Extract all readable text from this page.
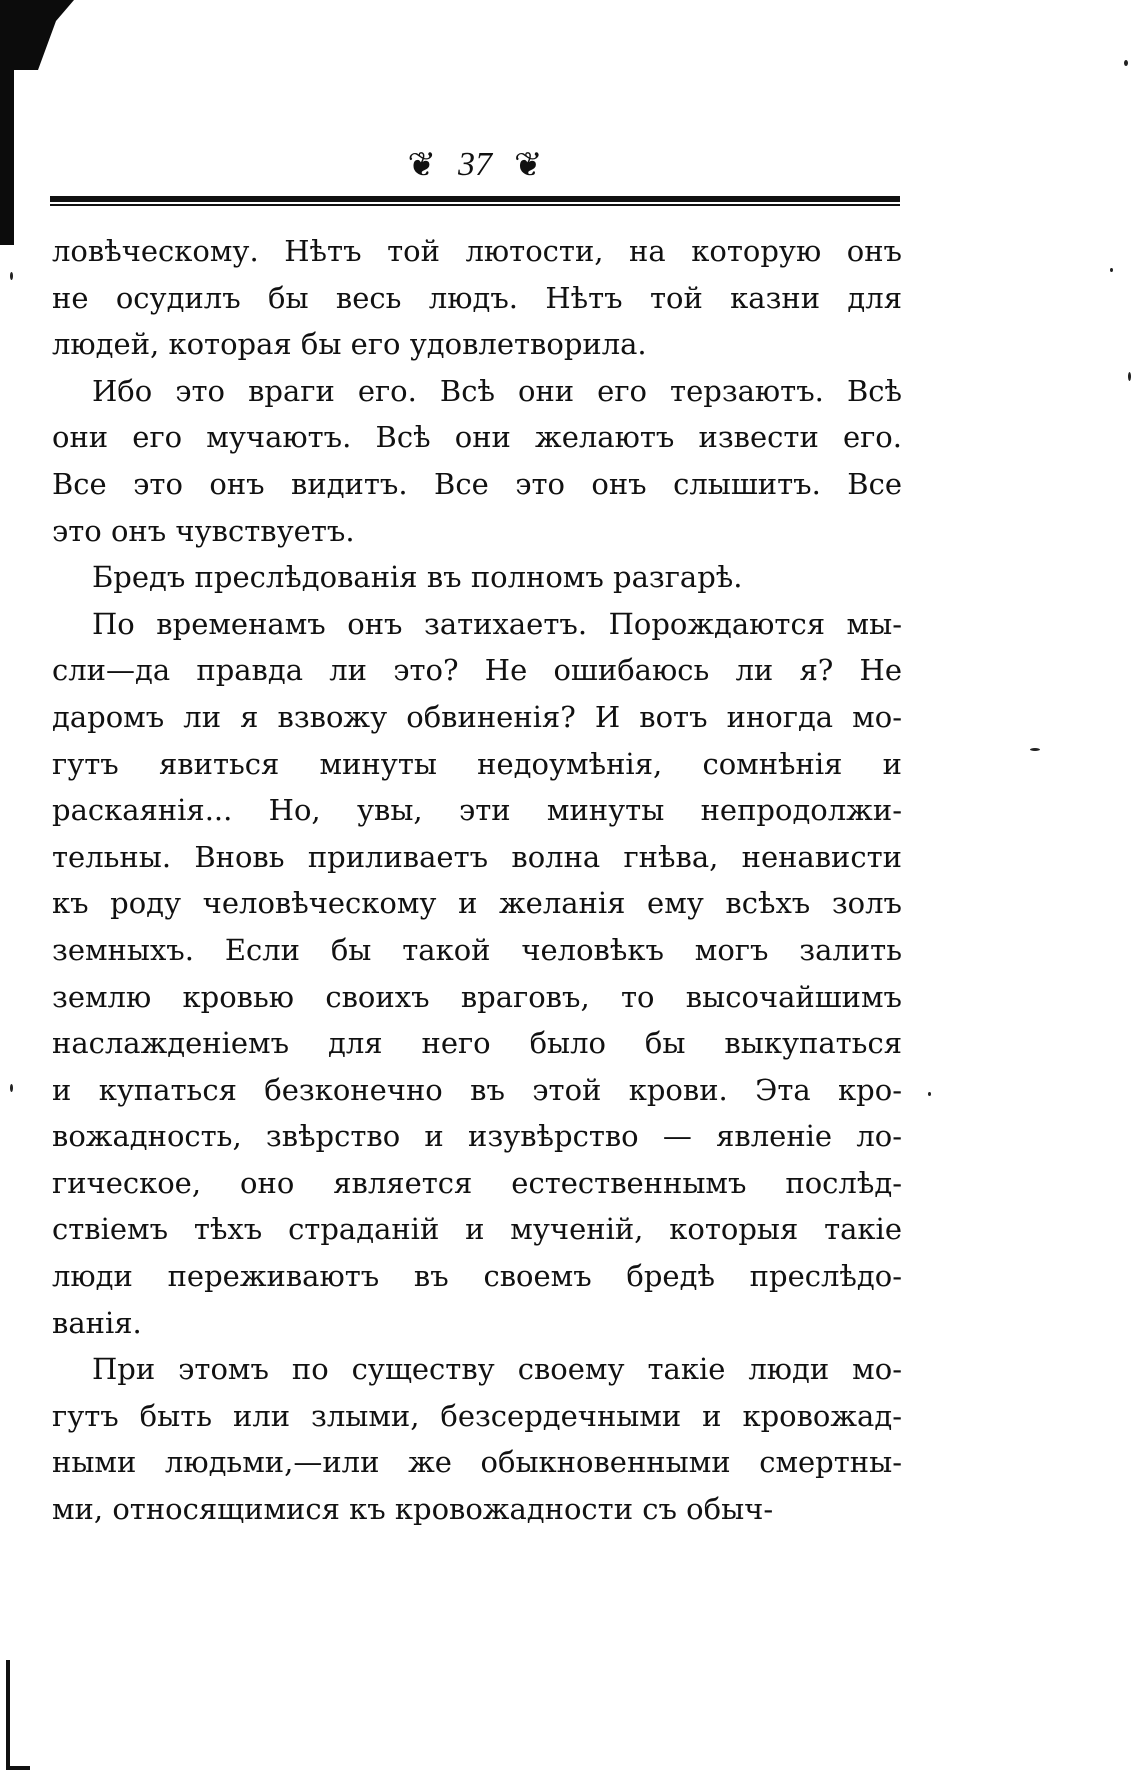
❦ 37 ❦
ловѣческому. Нѣтъ той лютости, на которую онъ
не осудилъ бы весь людъ. Нѣтъ той казни для
людей, которая бы его удовлетворила.
Ибо это враги его. Всѣ они его терзаютъ. Всѣ
они его мучаютъ. Всѣ они желаютъ извести его.
Все это онъ видитъ. Все это онъ слышитъ. Все
это онъ чувствуетъ.
Бредъ преслѣдованія въ полномъ разгарѣ.
По временамъ онъ затихаетъ. Порождаются мы-
сли—да правда ли это? Не ошибаюсь ли я? Не
даромъ ли я взвожу обвиненія? И вотъ иногда мо-
гутъ явиться минуты недоумѣнія, сомнѣнія и
раскаянія... Но, увы, эти минуты непродолжи-
тельны. Вновь приливаетъ волна гнѣва, ненависти
къ роду человѣческому и желанія ему всѣхъ золъ
земныхъ. Если бы такой человѣкъ могъ залить
землю кровью своихъ враговъ, то высочайшимъ
наслажденіемъ для него было бы выкупаться
и купаться безконечно въ этой крови. Эта кро-
вожадность, звѣрство и изувѣрство — явленіе ло-
гическое, оно является естественнымъ послѣд-
ствіемъ тѣхъ страданій и мученій, которыя такіе
люди переживаютъ въ своемъ бредѣ преслѣдо-
ванія.
При этомъ по существу своему такіе люди мо-
гутъ быть или злыми, безсердечными и кровожад-
ными людьми,—или же обыкновенными смертны-
ми, относящимися къ кровожадности съ обыч-
